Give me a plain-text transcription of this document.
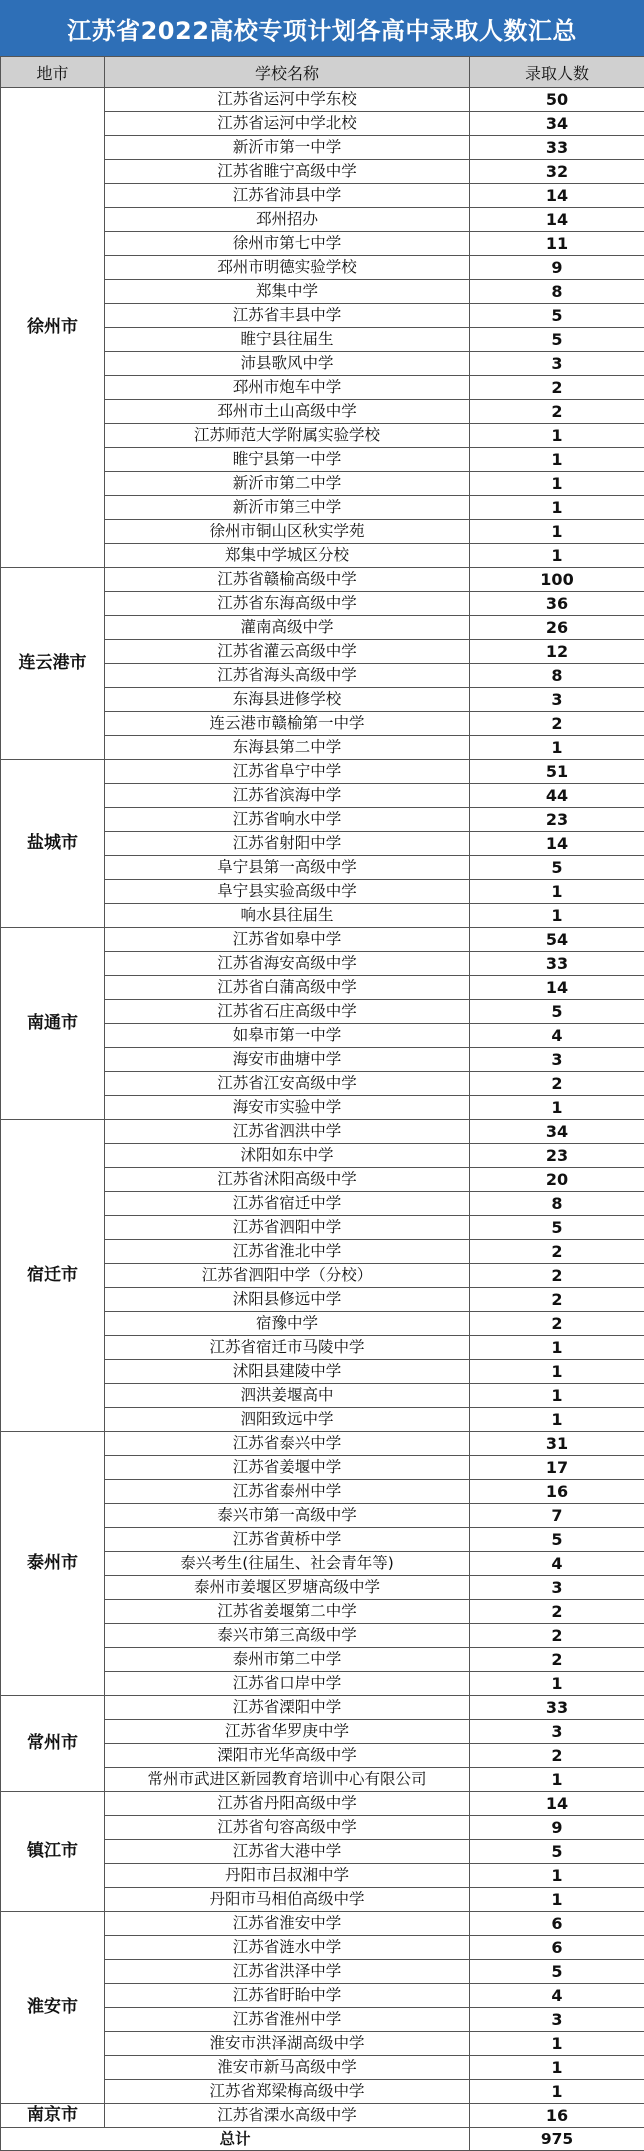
江苏省2022高校专项计划各高中录取人数汇总
地市	学校名称	录取人数
徐州市	江苏省运河中学东校	50
	江苏省运河中学北校	34
	新沂市第一中学	33
	江苏省睢宁高级中学	32
	江苏省沛县中学	14
	邳州招办	14
	徐州市第七中学	11
	邳州市明德实验学校	9
	郑集中学	8
	江苏省丰县中学	5
	睢宁县往届生	5
	沛县歌风中学	3
	邳州市炮车中学	2
	邳州市土山高级中学	2
	江苏师范大学附属实验学校	1
	睢宁县第一中学	1
	新沂市第二中学	1
	新沂市第三中学	1
	徐州市铜山区秋实学苑	1
	郑集中学城区分校	1
连云港市	江苏省赣榆高级中学	100
	江苏省东海高级中学	36
	灌南高级中学	26
	江苏省灌云高级中学	12
	江苏省海头高级中学	8
	东海县进修学校	3
	连云港市赣榆第一中学	2
	东海县第二中学	1
盐城市	江苏省阜宁中学	51
	江苏省滨海中学	44
	江苏省响水中学	23
	江苏省射阳中学	14
	阜宁县第一高级中学	5
	阜宁县实验高级中学	1
	响水县往届生	1
南通市	江苏省如皋中学	54
	江苏省海安高级中学	33
	江苏省白蒲高级中学	14
	江苏省石庄高级中学	5
	如皋市第一中学	4
	海安市曲塘中学	3
	江苏省江安高级中学	2
	海安市实验中学	1
宿迁市	江苏省泗洪中学	34
	沭阳如东中学	23
	江苏省沭阳高级中学	20
	江苏省宿迁中学	8
	江苏省泗阳中学	5
	江苏省淮北中学	2
	江苏省泗阳中学（分校）	2
	沭阳县修远中学	2
	宿豫中学	2
	江苏省宿迁市马陵中学	1
	沭阳县建陵中学	1
	泗洪姜堰高中	1
	泗阳致远中学	1
泰州市	江苏省泰兴中学	31
	江苏省姜堰中学	17
	江苏省泰州中学	16
	泰兴市第一高级中学	7
	江苏省黄桥中学	5
	泰兴考生(往届生、社会青年等)	4
	泰州市姜堰区罗塘高级中学	3
	江苏省姜堰第二中学	2
	泰兴市第三高级中学	2
	泰州市第二中学	2
	江苏省口岸中学	1
常州市	江苏省溧阳中学	33
	江苏省华罗庚中学	3
	溧阳市光华高级中学	2
	常州市武进区新园教育培训中心有限公司	1
镇江市	江苏省丹阳高级中学	14
	江苏省句容高级中学	9
	江苏省大港中学	5
	丹阳市吕叔湘中学	1
	丹阳市马相伯高级中学	1
淮安市	江苏省淮安中学	6
	江苏省涟水中学	6
	江苏省洪泽中学	5
	江苏省盱眙中学	4
	江苏省淮州中学	3
	淮安市洪泽湖高级中学	1
	淮安市新马高级中学	1
	江苏省郑梁梅高级中学	1
南京市	江苏省溧水高级中学	16
总计		975
